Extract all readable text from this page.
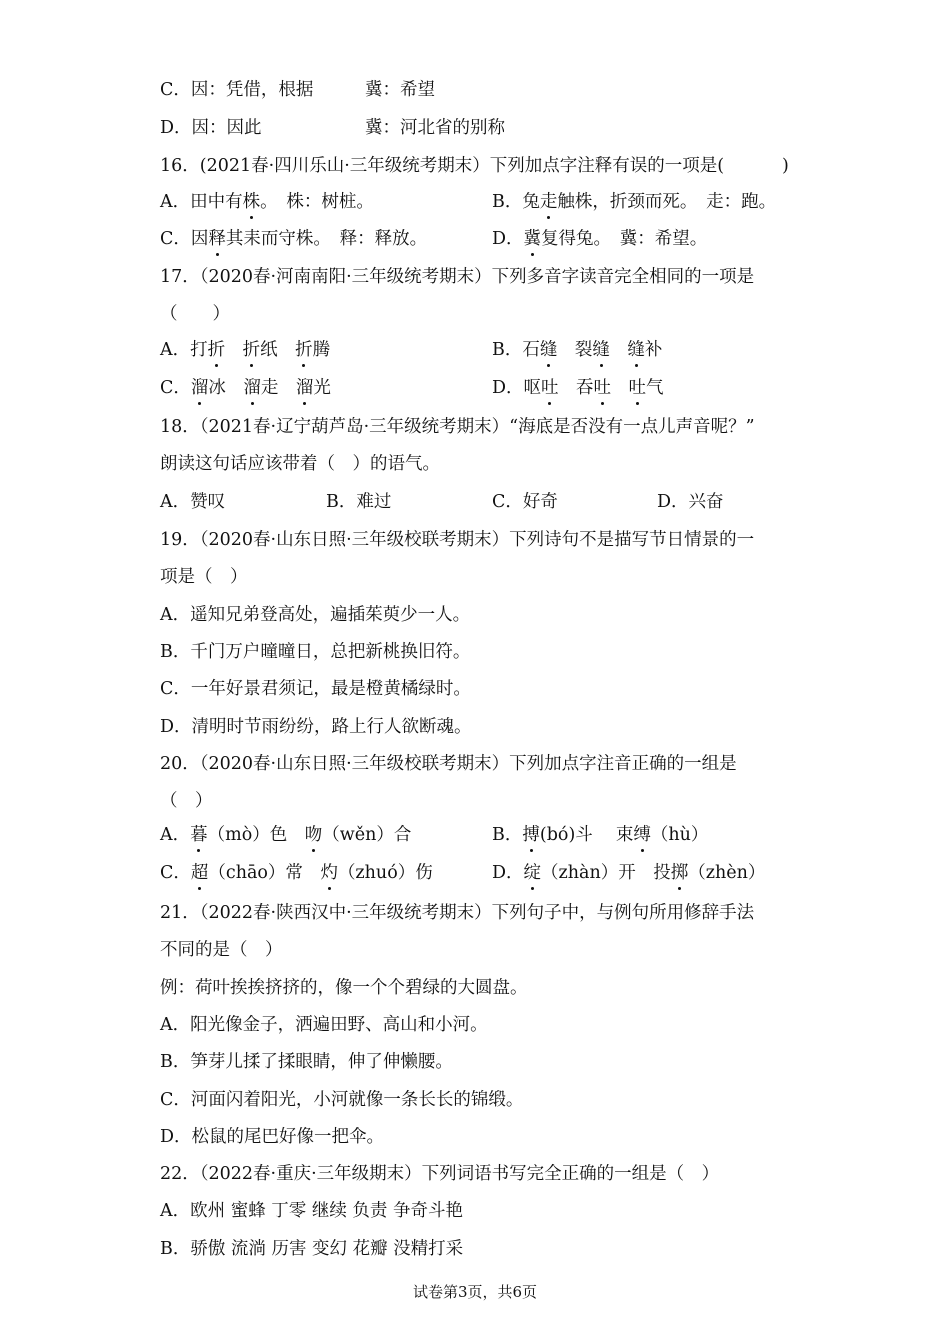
C．因：凭借，根据	冀：希望
D．因：因此	冀：河北省的别称
16．(2021春·四川乐山·三年级统考期末）下列加点字注释有误的一项是(	)
A．田中有株。　株：树桩。	B．兔走触株，折颈而死。　走：跑。
C．因释其耒而守株。　释：释放。	D．冀复得兔。　冀：希望。
17．（2020春·河南南阳·三年级统考期末）下列多音字读音完全相同的一项是
（　　）
A．打折　 折纸　折腾	B．石缝　裂缝　 缝补
C．溜冰　溜走　溜光	D．呕吐　吞吐　 吐气
18．（2021春·辽宁葫芦岛·三年级统考期末）“海底是否没有一点儿声音呢？”
朗读这句话应该带着（　）的语气。
A．赞叹	B．难过	C．好奇	D．兴奋
19．（2020春·山东日照·三年级校联考期末）下列诗句不是描写节日情景的一
项是（　）
A．遥知兄弟登高处，遍插茱萸少一人。
B．千门万户曈曈日，总把新桃换旧符。
C．一年好景君须记，最是橙黄橘绿时。
D．清明时节雨纷纷，路上行人欲断魂。
20．（2020春·山东日照·三年级校联考期末）下列加点字注音正确的一组是
（　）
A．暮（mò）色　吻（wěn）合	B．搏(bó)斗　 束缚（hù）
C．超（chāo）常　灼（zhuó）伤	D．绽（zhàn）开　投掷（zhèn）
21．（2022春·陕西汉中·三年级统考期末）下列句子中，与例句所用修辞手法
不同的是（　）
例：荷叶挨挨挤挤的，像一个个碧绿的大圆盘。
A．阳光像金子，洒遍田野、高山和小河。
B．笋芽儿揉了揉眼睛，伸了伸懒腰。
C．河面闪着阳光，小河就像一条长长的锦缎。
D．松鼠的尾巴好像一把伞。
22．（2022春·重庆·三年级期末）下列词语书写完全正确的一组是（　）
A．欧州 蜜蜂 丁零 继续 负责 争奇斗艳
B．骄傲 流淌 历害 变幻 花瓣 没精打采
试卷第3页，共6页
